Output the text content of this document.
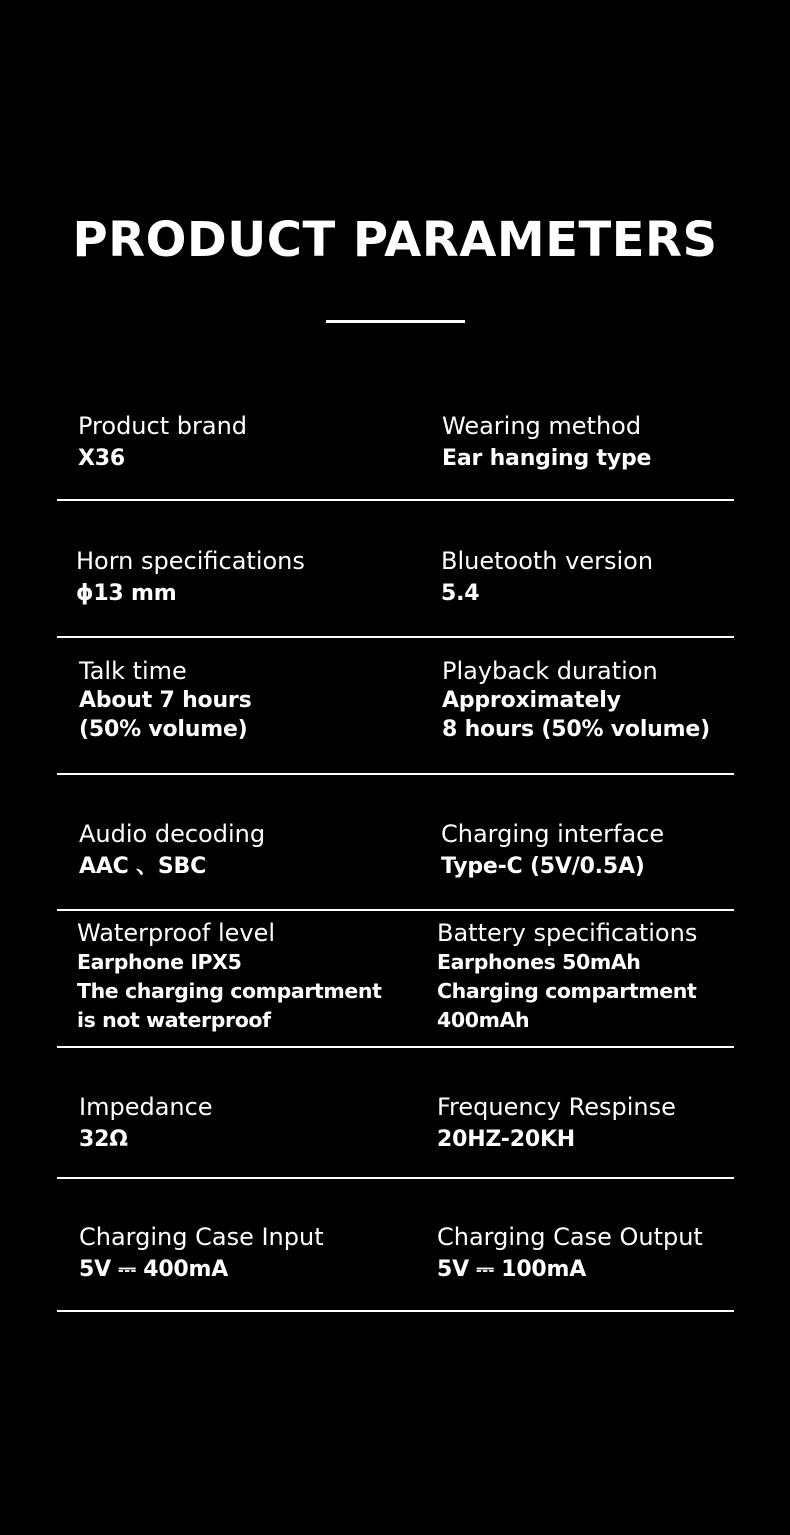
PRODUCT PARAMETERS
Product brand
X36
Wearing method
Ear hanging type
Horn specifications
ϕ13 mm
Bluetooth version
5.4
Talk time
About 7 hours
(50% volume)
Playback duration
Approximately
8 hours (50% volume)
Audio decoding
AAC 、SBC
Charging interface
Type-C (5V/0.5A)
Waterproof level
Earphone IPX5
The charging compartment
is not waterproof
Battery specifications
Earphones 50mAh
Charging compartment
400mAh
Impedance
32Ω
Frequency Respinse
20HZ-20KH
Charging Case Input
5V ⎓ 400mA
Charging Case Output
5V ⎓ 100mA
